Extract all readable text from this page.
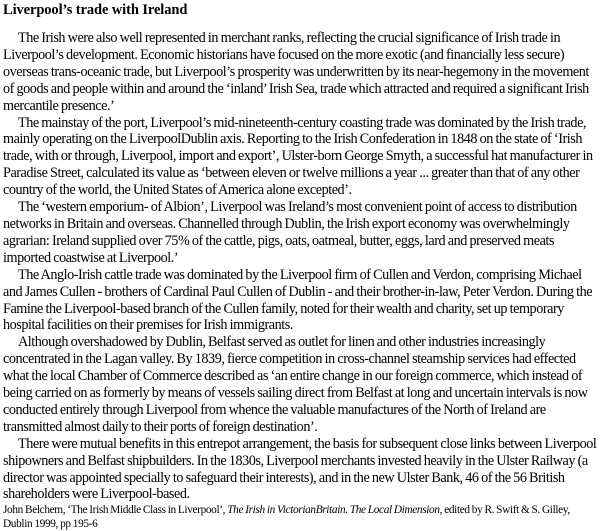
Liverpool’s trade with Ireland

The Irish were also well represented in merchant ranks, reflecting the crucial significance of Irish trade in Liverpool’s development. Economic historians have focused on the more exotic (and financially less secure) overseas trans-oceanic trade, but Liverpool’s prosperity was underwritten by its near-hegemony in the movement of goods and people within and around the ‘inland’ Irish Sea, trade which attracted and required a significant Irish mercantile presence.’

The mainstay of the port, Liverpool’s mid-nineteenth-century coasting trade was dominated by the Irish trade, mainly operating on the LiverpoolDublin axis. Reporting to the Irish Confederation in 1848 on the state of ‘Irish trade, with or through, Liverpool, import and export’, Ulster-born George Smyth, a successful hat manufacturer in Paradise Street, calculated its value as ‘between eleven or twelve millions a year ... greater than that of any other country of the world, the United States of America alone excepted’.

The ‘western emporium- of Albion’, Liverpool was Ireland’s most convenient point of access to distribution networks in Britain and overseas. Channelled through Dublin, the Irish export economy was overwhelmingly agrarian: Ireland supplied over 75% of the cattle, pigs, oats, oatmeal, butter, eggs, lard and preserved meats imported coastwise at Liverpool.’

The Anglo-Irish cattle trade was dominated by the Liverpool firm of Cullen and Verdon, comprising Michael and James Cullen - brothers of Cardinal Paul Cullen of Dublin - and their brother-in-law, Peter Verdon. During the Famine the Liverpool-based branch of the Cullen family, noted for their wealth and charity, set up temporary hospital facilities on their premises for Irish immigrants.

Although overshadowed by Dublin, Belfast served as outlet for linen and other industries increasingly concentrated in the Lagan valley. By 1839, fierce competition in cross-channel steamship services had effected what the local Chamber of Commerce described as ‘an entire change in our foreign commerce, which instead of being carried on as formerly by means of vessels sailing direct from Belfast at long and uncertain intervals is now conducted entirely through Liverpool from whence the valuable manufactures of the North of Ireland are transmitted almost daily to their ports of foreign destination’.

There were mutual benefits in this entrepot arrangement, the basis for subsequent close links between Liverpool shipowners and Belfast shipbuilders. In the 1830s, Liverpool merchants invested heavily in the Ulster Railway (a director was appointed specially to safeguard their interests), and in the new Ulster Bank, 46 of the 56 British shareholders were Liverpool-based.

John Belchem, ‘The Irish Middle Class in Liverpool’, The Irish in VictorianBritain. The Local Dimension, edited by R. Swift & S. Gilley, Dublin 1999, pp 195-6
